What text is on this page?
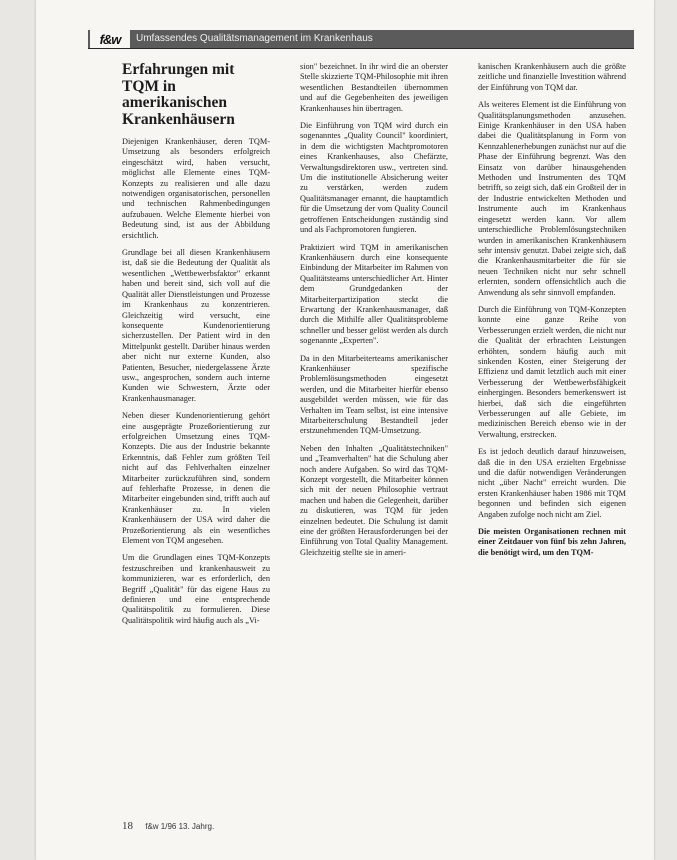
f&w	Umfassendes Qualitätsmanagement im Krankenhaus
Erfahrungen mit TQM in amerikanischen Krankenhäusern

Diejenigen Krankenhäuser, deren TQM-Umsetzung als besonders erfolgreich eingeschätzt wird, haben versucht, möglichst alle Elemente eines TQM-Konzepts zu realisieren und alle dazu notwendigen organisatorischen, personellen und technischen Rahmenbedingungen aufzubauen. Welche Elemente hierbei von Bedeutung sind, ist aus der Abbildung ersichtlich.

Grundlage bei all diesen Krankenhäusern ist, daß sie die Bedeutung der Qualität als wesentlichen „Wettbewerbsfaktor" erkannt haben und bereit sind, sich voll auf die Qualität aller Dienstleistungen und Prozesse im Krankenhaus zu konzentrieren. Gleichzeitig wird versucht, eine konsequente Kundenorientierung sicherzustellen. Der Patient wird in den Mittelpunkt gestellt. Darüber hinaus werden aber nicht nur externe Kunden, also Patienten, Besucher, niedergelassene Ärzte usw., angesprochen, sondern auch interne Kunden wie Schwestern, Ärzte oder Krankenhausmanager.

Neben dieser Kundenorientierung gehört eine ausgeprägte Prozeßorientierung zur erfolgreichen Umsetzung eines TQM-Konzepts. Die aus der Industrie bekannte Erkenntnis, daß Fehler zum größten Teil nicht auf das Fehlverhalten einzelner Mitarbeiter zurückzuführen sind, sondern auf fehlerhafte Prozesse, in denen die Mitarbeiter eingebunden sind, trifft auch auf Krankenhäuser zu. In vielen Krankenhäusern der USA wird daher die Prozeßorientierung als ein wesentliches Element von TQM angesehen.

Um die Grundlagen eines TQM-Konzepts festzuschreiben und krankenhausweit zu kommunizieren, war es erforderlich, den Begriff „Qualität" für das eigene Haus zu definieren und eine entsprechende Qualitätspolitik zu formulieren. Diese Qualitätspolitik wird häufig auch als „Vi-

sion" bezeichnet. In ihr wird die an oberster Stelle skizzierte TQM-Philosophie mit ihren wesentlichen Bestandteilen übernommen und auf die Gegebenheiten des jeweiligen Krankenhauses hin übertragen.

Die Einführung von TQM wird durch ein sogenanntes „Quality Council" koordiniert, in dem die wichtigsten Machtpromotoren eines Krankenhauses, also Chefärzte, Verwaltungsdirektoren usw., vertreten sind. Um die institutionelle Absicherung weiter zu verstärken, werden zudem Qualitätsmanager ernannt, die hauptamtlich für die Umsetzung der vom Quality Council getroffenen Entscheidungen zuständig sind und als Fachpromotoren fungieren.

Praktiziert wird TQM in amerikanischen Krankenhäusern durch eine konsequente Einbindung der Mitarbeiter im Rahmen von Qualitätsteams unterschiedlicher Art. Hinter dem Grundgedanken der Mitarbeiterpartizipation steckt die Erwartung der Krankenhausmanager, daß durch die Mithilfe aller Qualitätsprobleme schneller und besser gelöst werden als durch sogenannte „Experten".

Da in den Mitarbeiterteams amerikanischer Krankenhäuser spezifische Problemlösungsmethoden eingesetzt werden, und die Mitarbeiter hierfür ebenso ausgebildet werden müssen, wie für das Verhalten im Team selbst, ist eine intensive Mitarbeiterschulung Bestandteil jeder erstzunehmenden TQM-Umsetzung.

Neben den Inhalten „Qualitätstechniken" und „Teamverhalten" hat die Schulung aber noch andere Aufgaben. So wird das TQM-Konzept vorgestellt, die Mitarbeiter können sich mit der neuen Philosophie vertraut machen und haben die Gelegenheit, darüber zu diskutieren, was TQM für jeden einzelnen bedeutet. Die Schulung ist damit eine der größten Herausforderungen bei der Einführung von Total Quality Management. Gleichzeitig stellte sie in ameri-

kanischen Krankenhäusern auch die größte zeitliche und finanzielle Investition während der Einführung von TQM dar.

Als weiteres Element ist die Einführung von Qualitätsplanungsmethoden anzusehen. Einige Krankenhäuser in den USA haben dabei die Qualitätsplanung in Form von Kennzahlenerhebungen zunächst nur auf die Phase der Einführung begrenzt. Was den Einsatz von darüber hinausgehenden Methoden und Instrumenten des TQM betrifft, so zeigt sich, daß ein Großteil der in der Industrie entwickelten Methoden und Instrumente auch im Krankenhaus eingesetzt werden kann. Vor allem unterschiedliche Problemlösungstechniken wurden in amerikanischen Krankenhäusern sehr intensiv genutzt. Dabei zeigte sich, daß die Krankenhausmitarbeiter die für sie neuen Techniken nicht nur sehr schnell erlernten, sondern offensichtlich auch die Anwendung als sehr sinnvoll empfanden.

Durch die Einführung von TQM-Konzepten konnte eine ganze Reihe von Verbesserungen erzielt werden, die nicht nur die Qualität der erbrachten Leistungen erhöhten, sondern häufig auch mit sinkenden Kosten, einer Steigerung der Effizienz und damit letztlich auch mit einer Verbesserung der Wettbewerbsfähigkeit einhergingen. Besonders bemerkenswert ist hierbei, daß sich die eingeführten Verbesserungen auf alle Gebiete, im medizinischen Bereich ebenso wie in der Verwaltung, erstrecken.

Es ist jedoch deutlich darauf hinzuweisen, daß die in den USA erzielten Ergebnisse und die dafür notwendigen Veränderungen nicht „über Nacht" erreicht wurden. Die ersten Krankenhäuser haben 1986 mit TQM begonnen und befinden sich eigenen Angaben zufolge noch nicht am Ziel.

Die meisten Organisationen rechnen mit einer Zeitdauer von fünf bis zehn Jahren, die benötigt wird, um den TQM-

18 f&w 1/96 13. Jahrg.
